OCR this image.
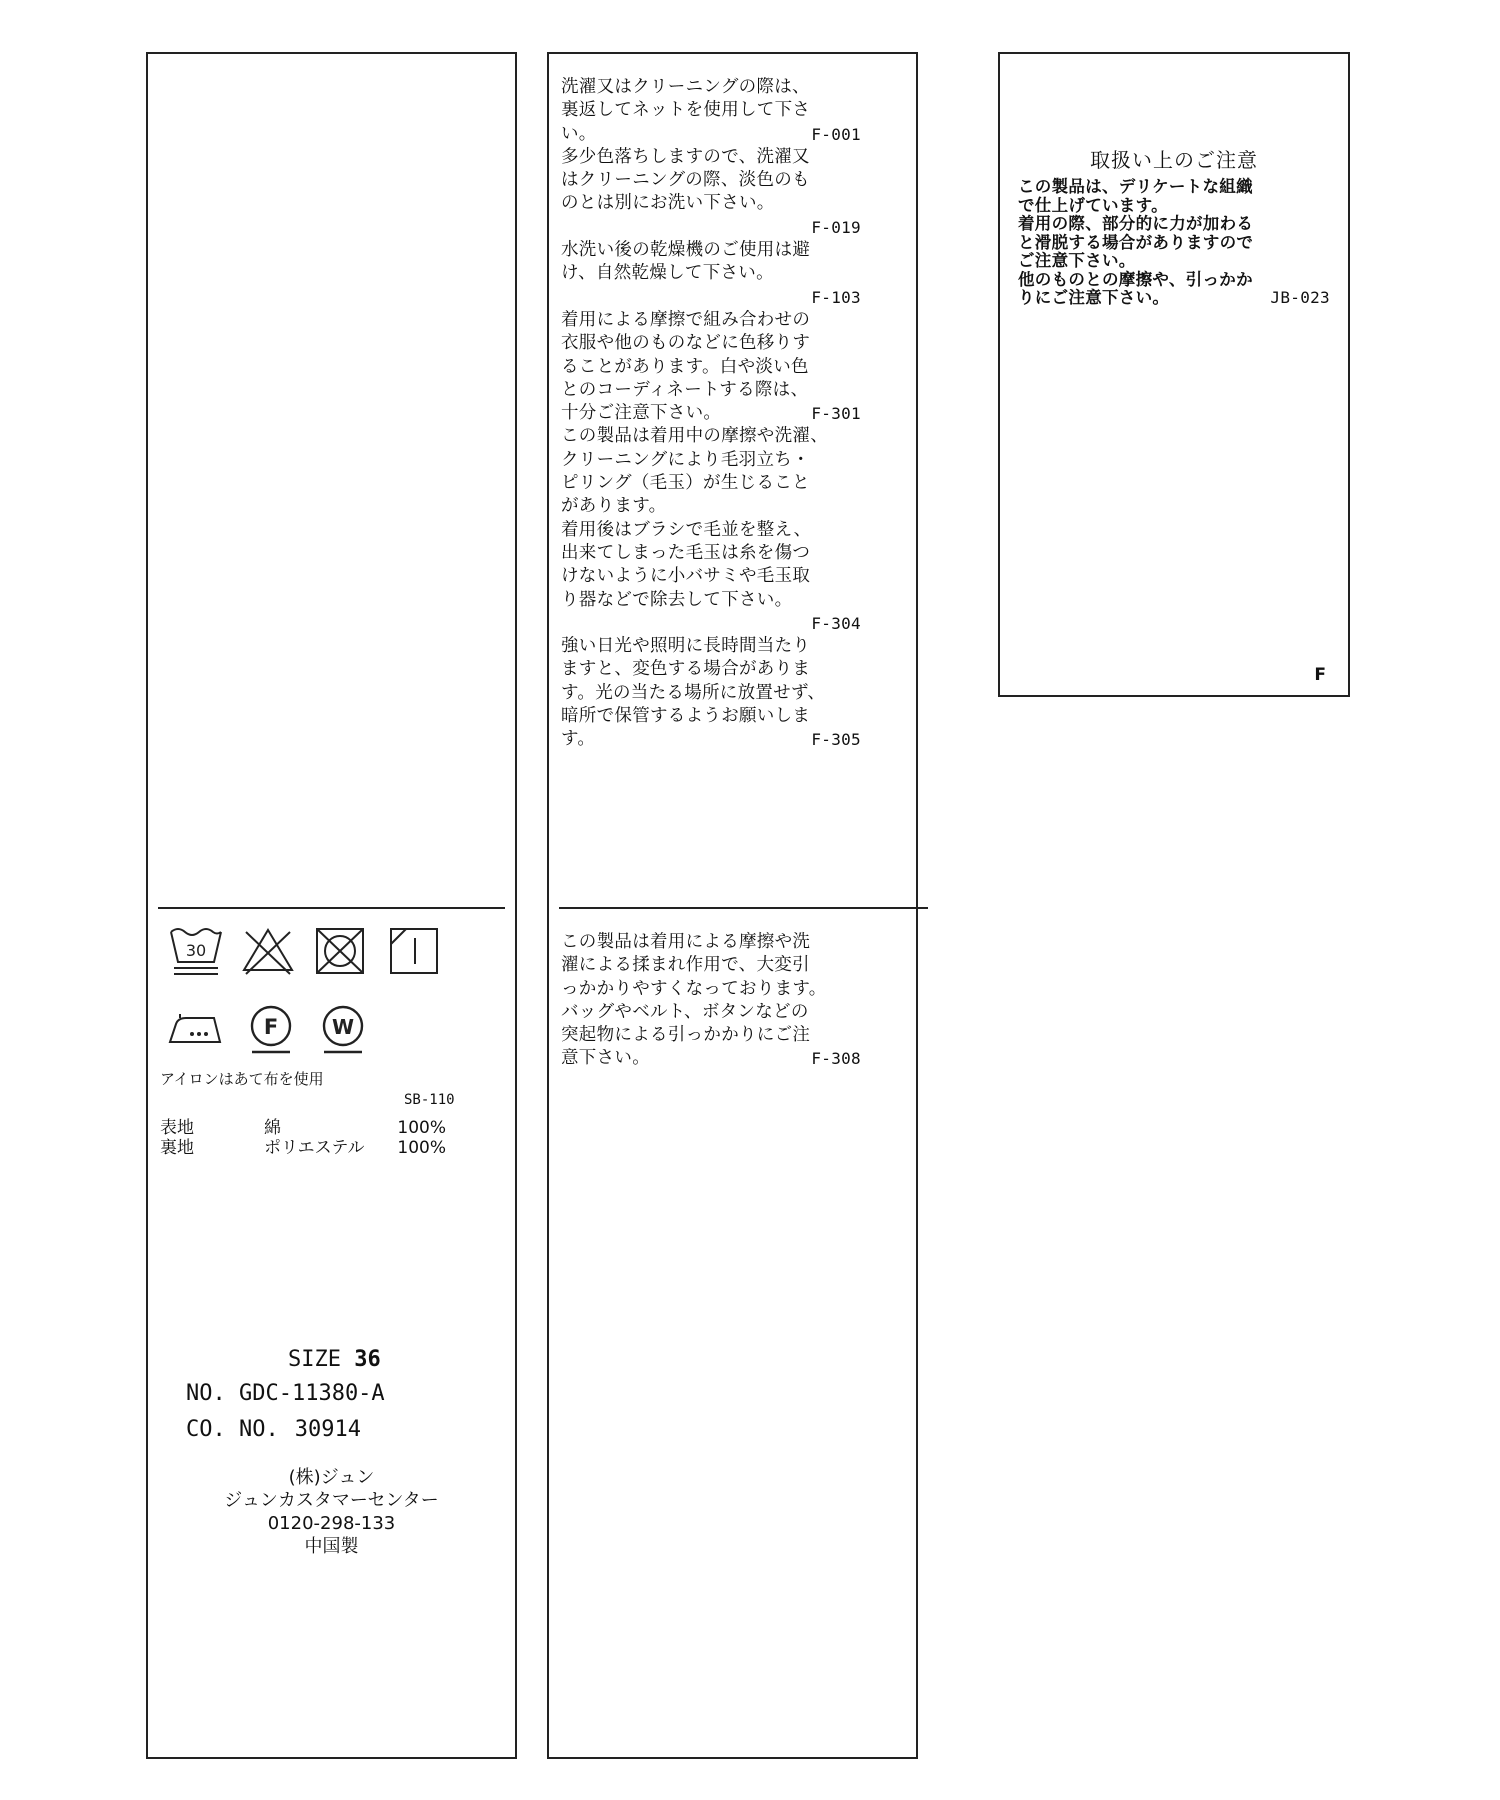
30
F	W
アイロンはあて布を使用
SB-110
表地	綿	100%
裏地	ポリエステル 100%
SIZE 36
NO. GDC-11380-A
CO. NO. 30914
(株)ジュン
ジュンカスタマーセンター
0120-298-133
中国製
洗濯又はクリーニングの際は、
裏返してネットを使用して下さ
い。	F-001
多少色落ちしますので、洗濯又
はクリーニングの際、淡色のも
のとは別にお洗い下さい。
F-019
水洗い後の乾燥機のご使用は避
け、自然乾燥して下さい。
F-103
着用による摩擦で組み合わせの
衣服や他のものなどに色移りす
ることがあります。白や淡い色
とのコーディネートする際は、
十分ご注意下さい。	F-301
この製品は着用中の摩擦や洗濯、
クリーニングにより毛羽立ち・
ピリング（毛玉）が生じること
があります。
着用後はブラシで毛並を整え、
出来てしまった毛玉は糸を傷つ
けないように小バサミや毛玉取
り器などで除去して下さい。
F-304
強い日光や照明に長時間当たり
ますと、変色する場合がありま
す。光の当たる場所に放置せず、
暗所で保管するようお願いしま
す。	F-305
この製品は着用による摩擦や洗
濯による揉まれ作用で、大変引
っかかりやすくなっております。
バッグやベルト、ボタンなどの
突起物による引っかかりにご注
意下さい。	F-308
取扱い上のご注意
この製品は、デリケートな組織
で仕上げています。
着用の際、部分的に力が加わる
と滑脱する場合がありますので
ご注意下さい。
他のものとの摩擦や、引っかか
りにご注意下さい。	JB-023
F
